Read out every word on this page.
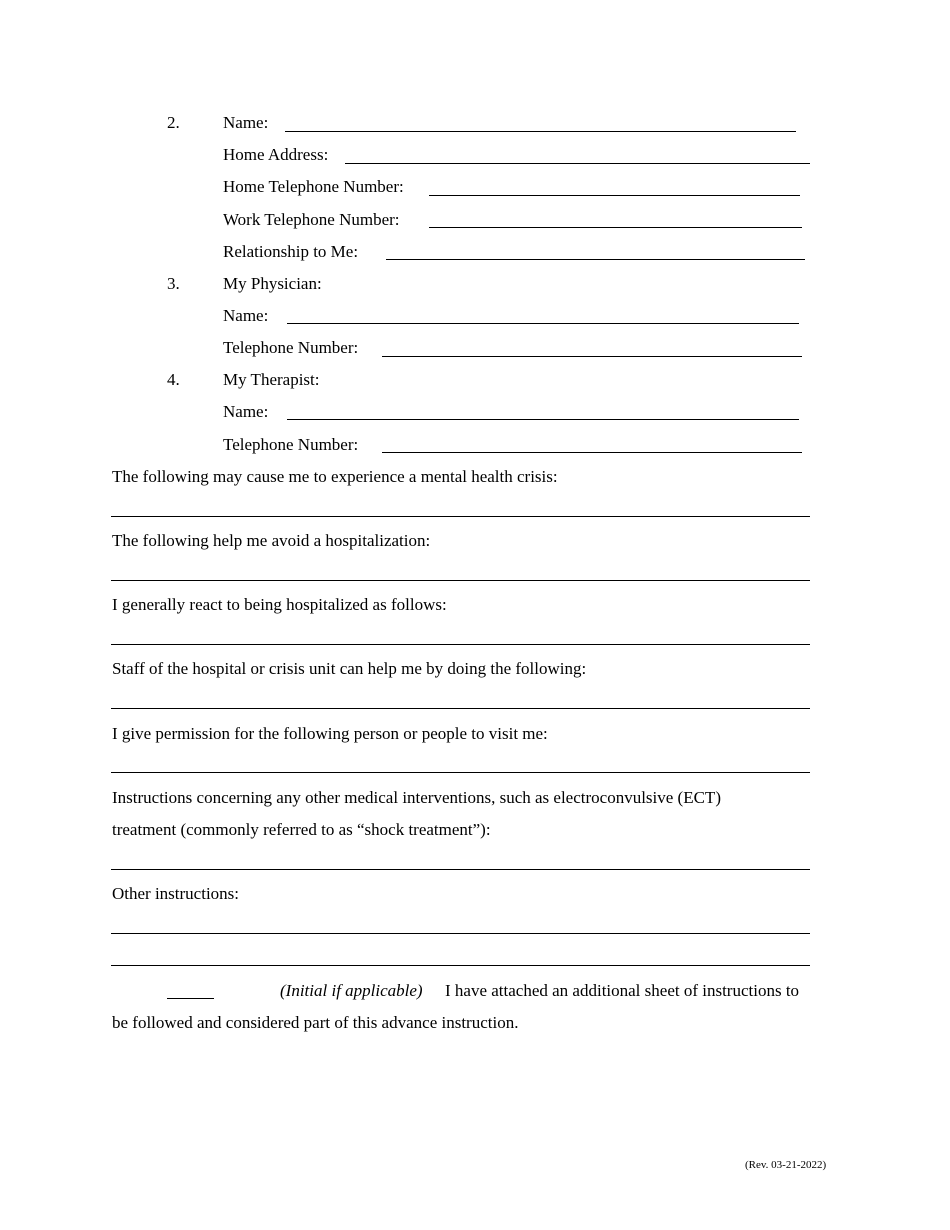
2.	Name:
Home Address:
Home Telephone Number:
Work Telephone Number:
Relationship to Me:
3.	My Physician:
Name:
Telephone Number:
4.	My Therapist:
Name:
Telephone Number:
The following may cause me to experience a mental health crisis:
The following help me avoid a hospitalization:
I generally react to being hospitalized as follows:
Staff of the hospital or crisis unit can help me by doing the following:
I give permission for the following person or people to visit me:
Instructions concerning any other medical interventions, such as electroconvulsive (ECT)
treatment (commonly referred to as “shock treatment”):
Other instructions:
(Initial if applicable) I have attached an additional sheet of instructions to
be followed and considered part of this advance instruction.
(Rev. 03-21-2022)
